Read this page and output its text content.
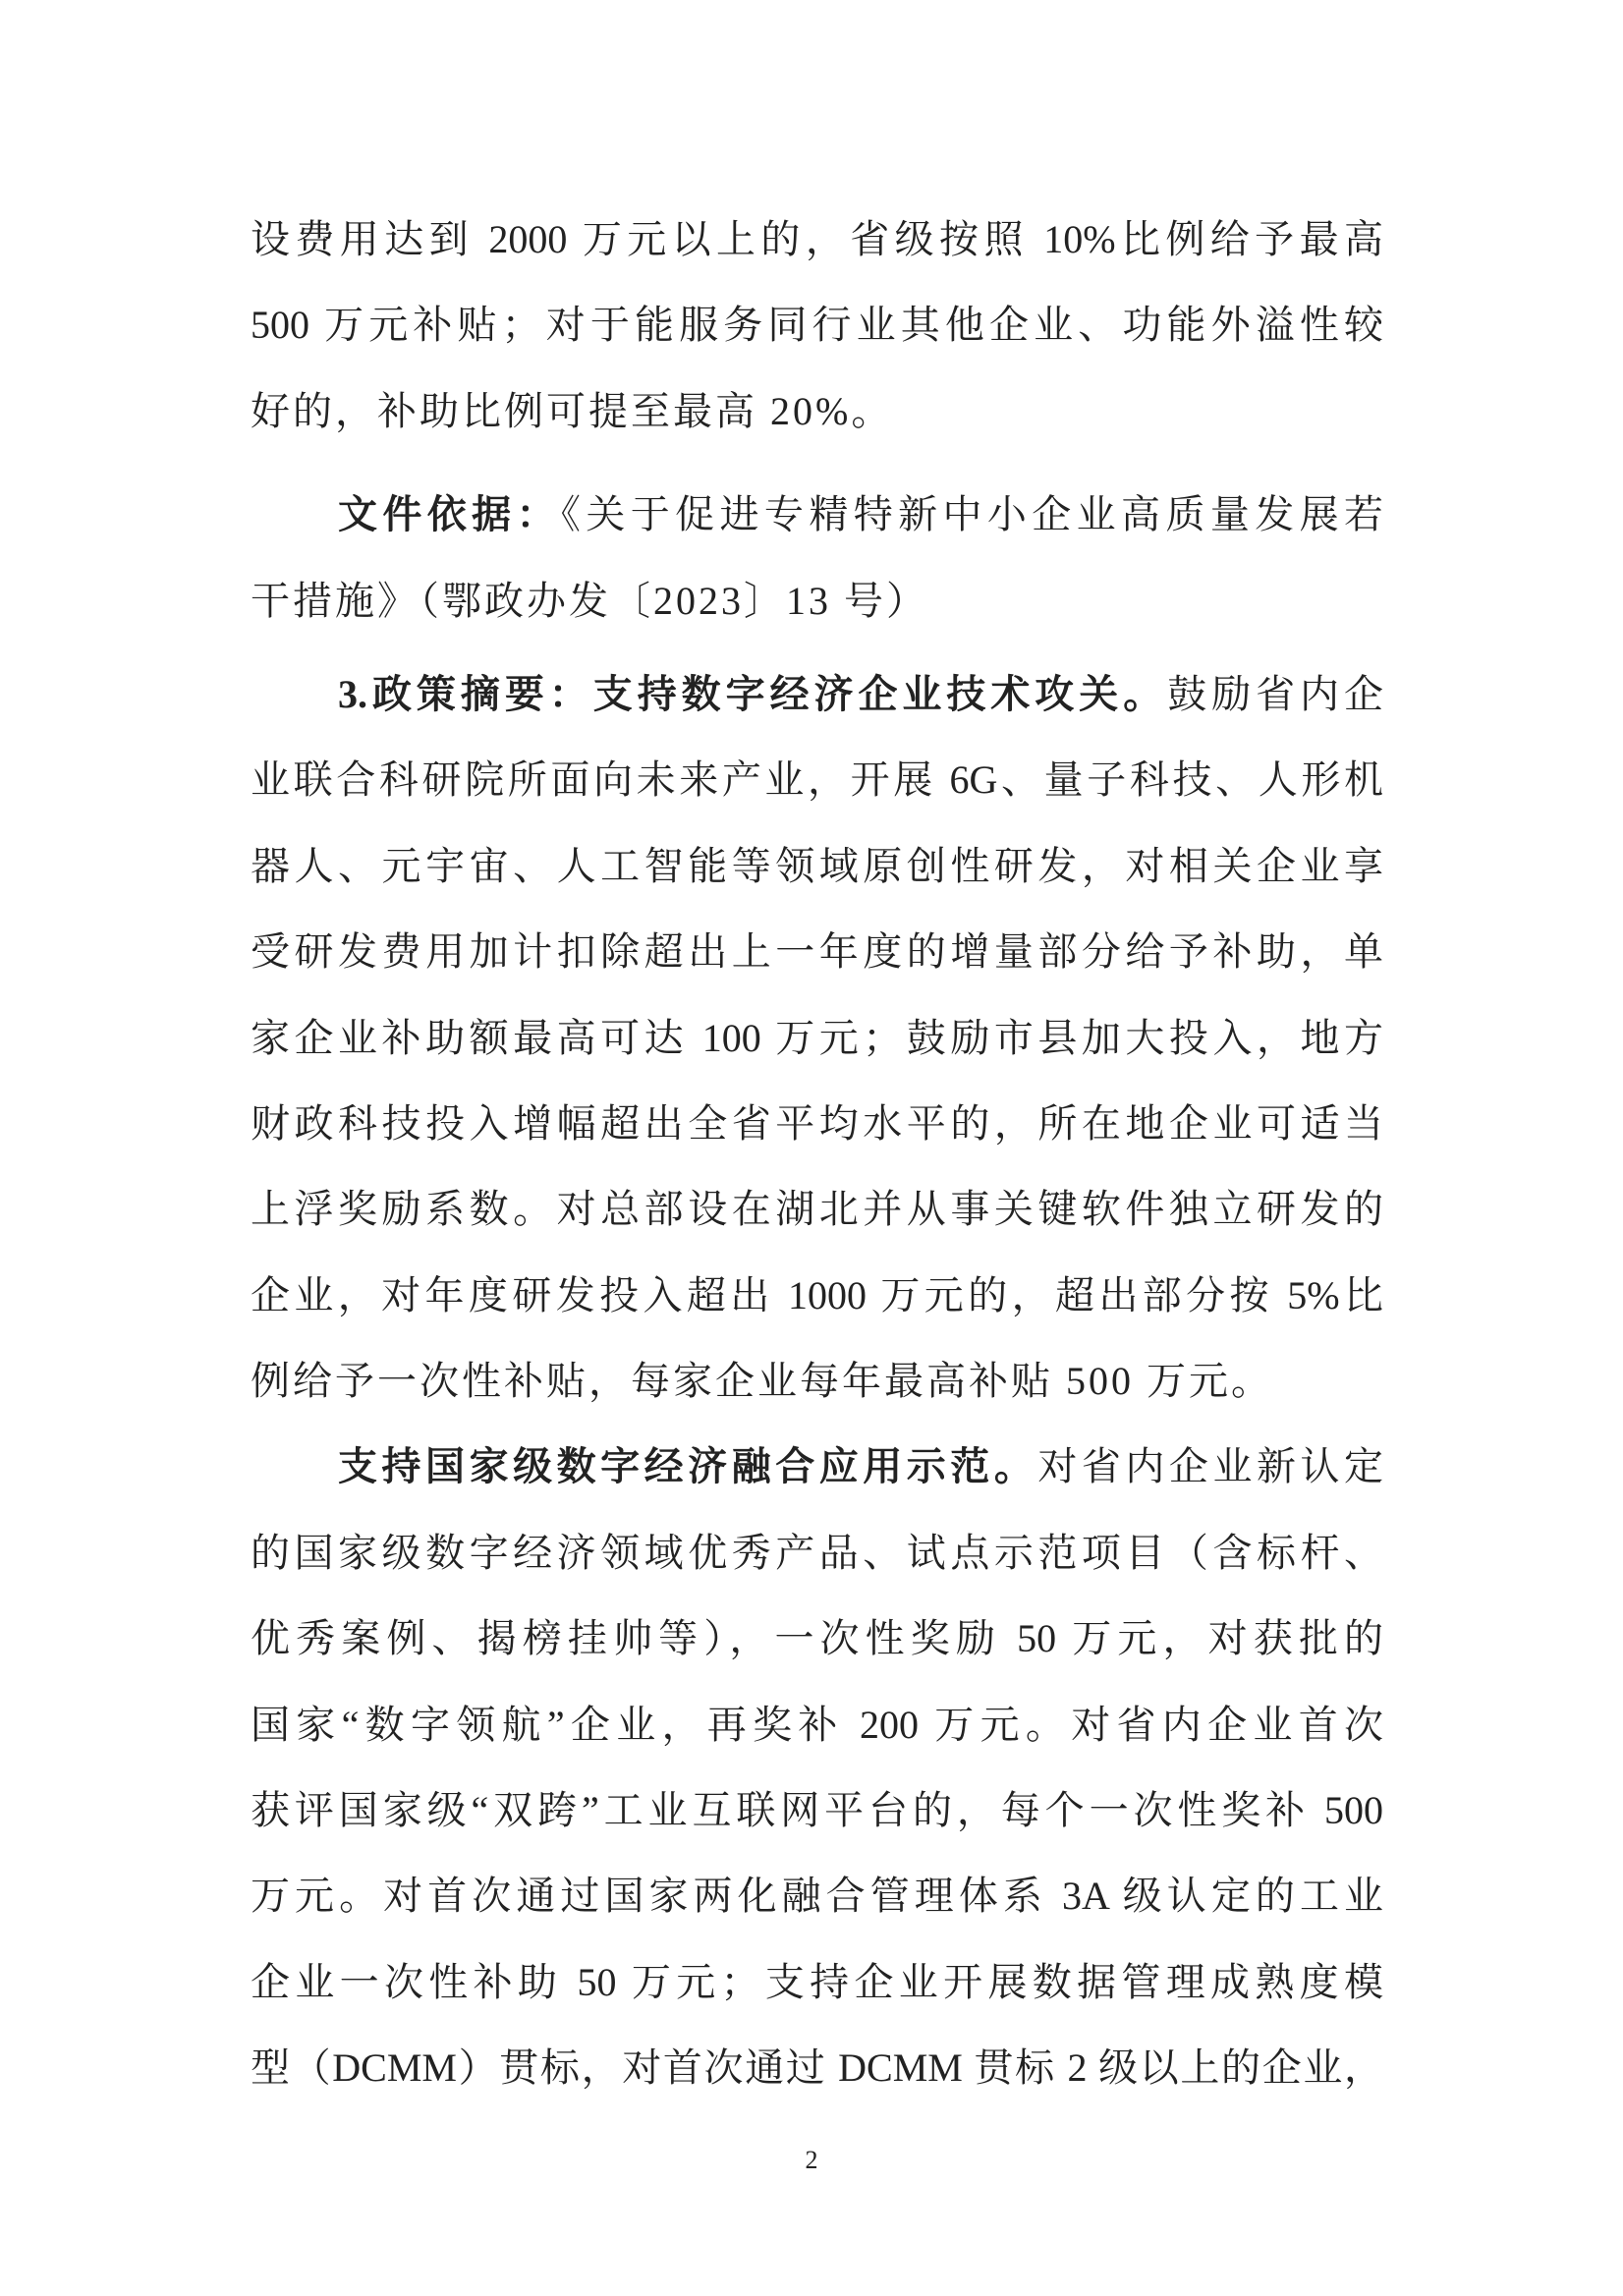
设费用达到 2000 万元以上的，省级按照 10%比例给予最高
500 万元补贴；对于能服务同行业其他企业、功能外溢性较
好的，补助比例可提至最高 20%。
文件依据：《关于促进专精特新中小企业高质量发展若
干措施》（鄂政办发〔2023〕13 号）
3.政策摘要：支持数字经济企业技术攻关。鼓励省内企
业联合科研院所面向未来产业，开展 6G、量子科技、人形机
器人、元宇宙、人工智能等领域原创性研发，对相关企业享
受研发费用加计扣除超出上一年度的增量部分给予补助，单
家企业补助额最高可达 100 万元；鼓励市县加大投入，地方
财政科技投入增幅超出全省平均水平的，所在地企业可适当
上浮奖励系数。对总部设在湖北并从事关键软件独立研发的
企业，对年度研发投入超出 1000 万元的，超出部分按 5%比
例给予一次性补贴，每家企业每年最高补贴 500 万元。
支持国家级数字经济融合应用示范。对省内企业新认定
的国家级数字经济领域优秀产品、试点示范项目（含标杆、
优秀案例、揭榜挂帅等），一次性奖励 50 万元，对获批的
国家“数字领航”企业，再奖补 200 万元。对省内企业首次
获评国家级“双跨”工业互联网平台的，每个一次性奖补 500
万元。对首次通过国家两化融合管理体系 3A 级认定的工业
企业一次性补助 50 万元；支持企业开展数据管理成熟度模
型（DCMM）贯标，对首次通过 DCMM 贯标 2 级以上的企业，
2
